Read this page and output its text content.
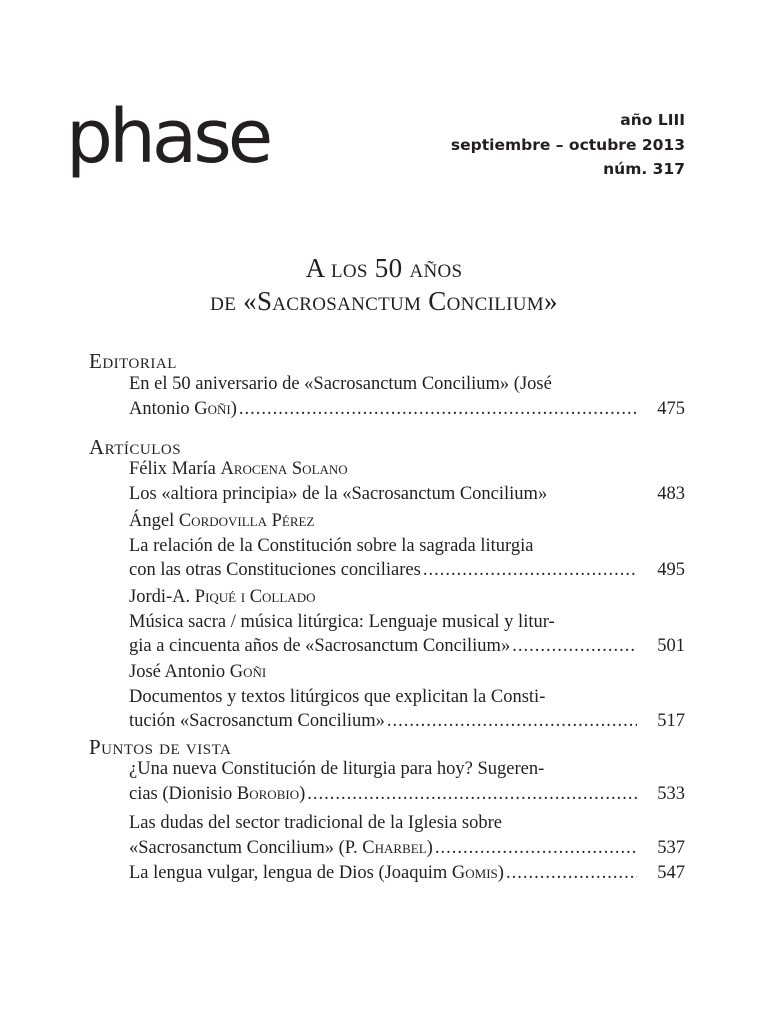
phase	año LIII
septiembre – octubre 2013
núm. 317
A los 50 años
de «Sacrosanctum Concilium»
Editorial
En el 50 aniversario de «Sacrosanctum Concilium» (José
Antonio Goñi) .....	475
Artículos
Félix María Arocena Solano
Los «altiora principia» de la «Sacrosanctum Concilium»	483
Ángel Cordovilla Pérez
La relación de la Constitución sobre la sagrada liturgia
con las otras Constituciones conciliares .....	495
Jordi-A. Piqué i Collado
Música sacra / música litúrgica: Lenguaje musical y litur-
gia a cincuenta años de «Sacrosanctum Concilium» .....	501
José Antonio Goñi
Documentos y textos litúrgicos que explicitan la Consti-
tución «Sacrosanctum Concilium» .....	517
Puntos de vista
¿Una nueva Constitución de liturgia para hoy? Sugeren-
cias (Dionisio Borobio) .....	533
Las dudas del sector tradicional de la Iglesia sobre
«Sacrosanctum Concilium» (P. Charbel) .....	537
La lengua vulgar, lengua de Dios (Joaquim Gomis) .....	547
